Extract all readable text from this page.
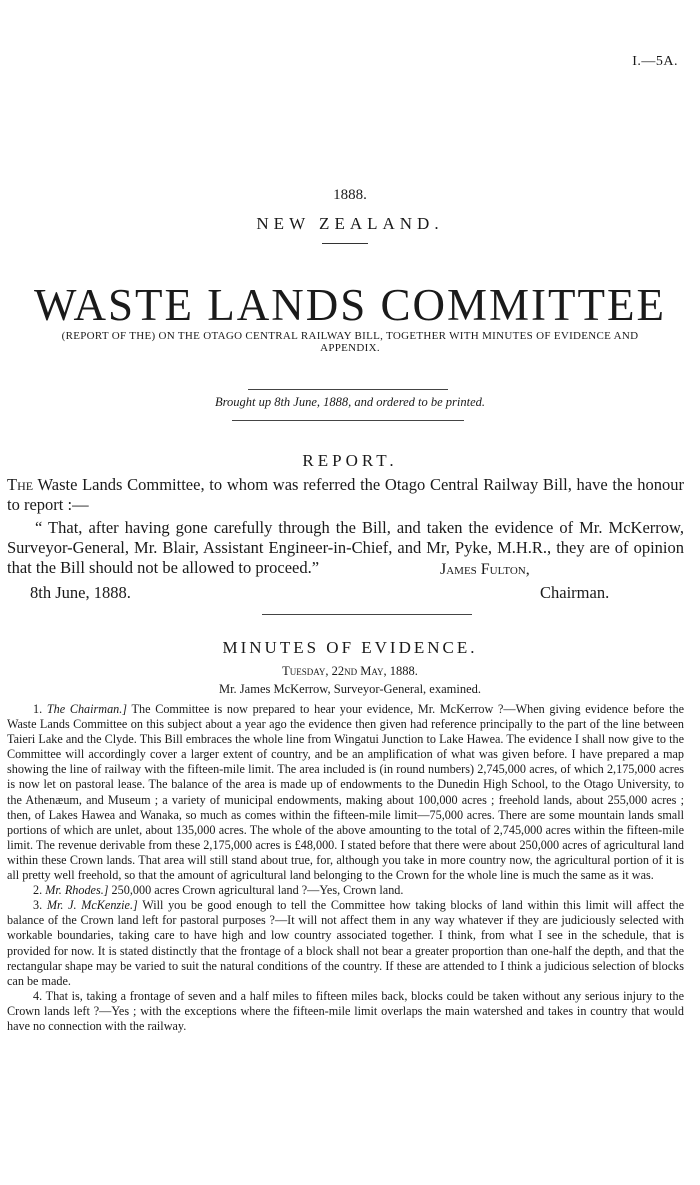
I.—5A.
1888.
NEW ZEALAND.
WASTE LANDS COMMITTEE
(REPORT OF THE) ON THE OTAGO CENTRAL RAILWAY BILL, TOGETHER WITH MINUTES OF EVIDENCE AND APPENDIX.
Brought up 8th June, 1888, and ordered to be printed.
REPORT.

The Waste Lands Committee, to whom was referred the Otago Central Railway Bill, have the honour to report :—

“ That, after having gone carefully through the Bill, and taken the evidence of Mr. McKerrow, Surveyor-General, Mr. Blair, Assistant Engineer-in-Chief, and Mr, Pyke, M.H.R., they are of opinion that the Bill should not be allowed to proceed.”	James Fulton,
8th June, 1888.	Chairman.
MINUTES OF EVIDENCE.
Tuesday, 22nd May, 1888.
Mr. James McKerrow, Surveyor-General, examined.

1. The Chairman.] The Committee is now prepared to hear your evidence, Mr. McKerrow ?—When giving evidence before the Waste Lands Committee on this subject about a year ago the evidence then given had reference principally to the part of the line between Taieri Lake and the Clyde. This Bill embraces the whole line from Wingatui Junction to Lake Hawea. The evidence I shall now give to the Committee will accordingly cover a larger extent of country, and be an amplification of what was given before. I have prepared a map showing the line of railway with the fifteen-mile limit. The area included is (in round numbers) 2,745,000 acres, of which 2,175,000 acres is now let on pastoral lease. The balance of the area is made up of endowments to the Dunedin High School, to the Otago University, to the Athenæum, and Museum ; a variety of municipal endowments, making about 100,000 acres ; freehold lands, about 255,000 acres ; then, of Lakes Hawea and Wanaka, so much as comes within the fifteen-mile limit—75,000 acres. There are some mountain lands small portions of which are unlet, about 135,000 acres. The whole of the above amounting to the total of 2,745,000 acres within the fifteen-mile limit. The revenue derivable from these 2,175,000 acres is £48,000. I stated before that there were about 250,000 acres of agricultural land within these Crown lands. That area will still stand about true, for, although you take in more country now, the agricultural portion of it is all pretty well freehold, so that the amount of agricultural land belonging to the Crown for the whole line is much the same as it was.

2. Mr. Rhodes.] 250,000 acres Crown agricultural land ?—Yes, Crown land.

3. Mr. J. McKenzie.] Will you be good enough to tell the Committee how taking blocks of land within this limit will affect the balance of the Crown land left for pastoral purposes ?—It will not affect them in any way whatever if they are judiciously selected with workable boundaries, taking care to have high and low country associated together. I think, from what I see in the schedule, that is provided for now. It is stated distinctly that the frontage of a block shall not bear a greater proportion than one-half the depth, and that the rectangular shape may be varied to suit the natural conditions of the country. If these are attended to I think a judicious selection of blocks can be made.

4. That is, taking a frontage of seven and a half miles to fifteen miles back, blocks could be taken without any serious injury to the Crown lands left ?—Yes ; with the exceptions where the fifteen-mile limit overlaps the main watershed and takes in country that would have no connection with the railway.
